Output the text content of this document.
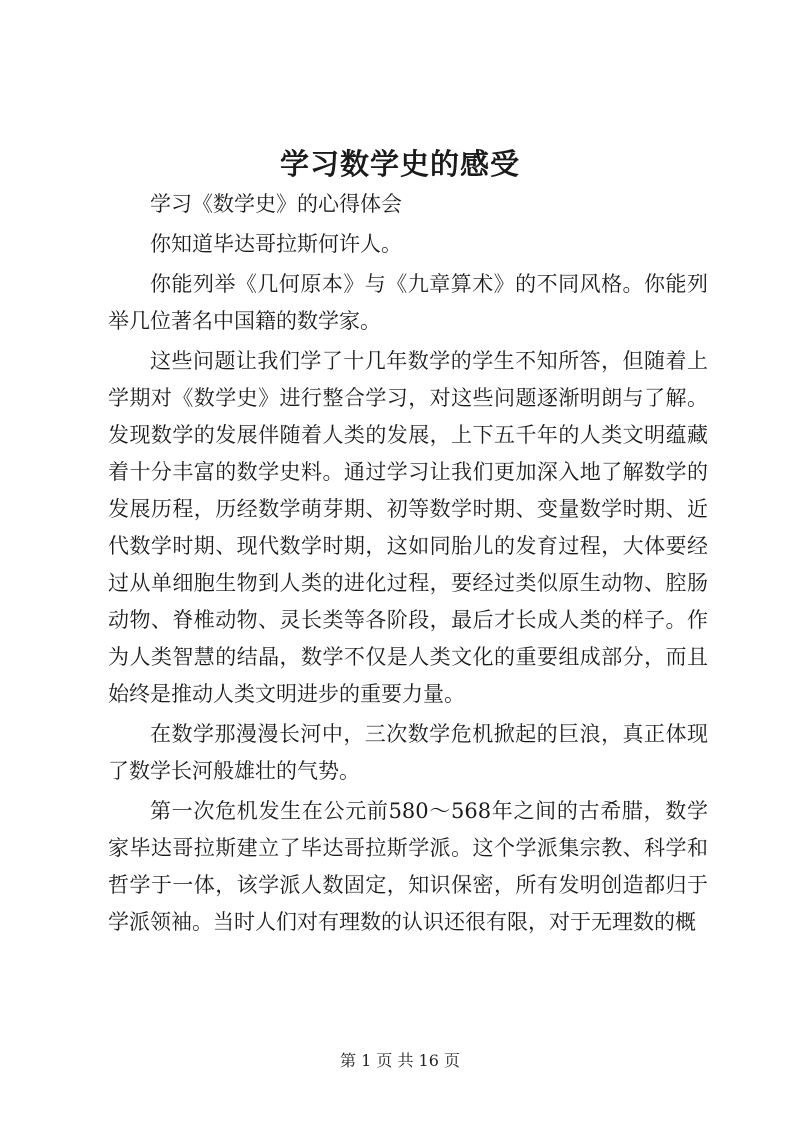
学习数学史的感受

学习《数学史》的心得体会

你知道毕达哥拉斯何许人。

你能列举《几何原本》与《九章算术》的不同风格。你能列举几位著名中国籍的数学家。

这些问题让我们学了十几年数学的学生不知所答，但随着上学期对《数学史》进行整合学习，对这些问题逐渐明朗与了解。发现数学的发展伴随着人类的发展，上下五千年的人类文明蕴藏着十分丰富的数学史料。通过学习让我们更加深入地了解数学的发展历程，历经数学萌芽期、初等数学时期、变量数学时期、近代数学时期、现代数学时期，这如同胎儿的发育过程，大体要经过从单细胞生物到人类的进化过程，要经过类似原生动物、腔肠动物、脊椎动物、灵长类等各阶段，最后才长成人类的样子。作为人类智慧的结晶，数学不仅是人类文化的重要组成部分，而且始终是推动人类文明进步的重要力量。

在数学那漫漫长河中，三次数学危机掀起的巨浪，真正体现了数学长河般雄壮的气势。

第一次危机发生在公元前580～568年之间的古希腊，数学家毕达哥拉斯建立了毕达哥拉斯学派。这个学派集宗教、科学和哲学于一体，该学派人数固定，知识保密，所有发明创造都归于学派领袖。当时人们对有理数的认识还很有限，对于无理数的概

第 1 页 共 16 页
